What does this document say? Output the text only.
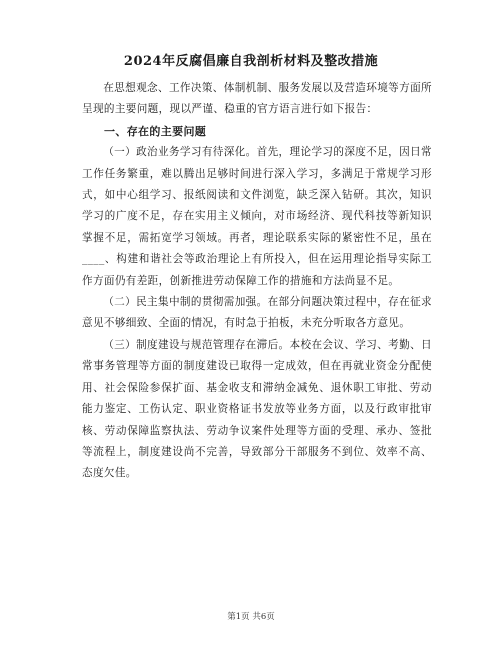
2024年反腐倡廉自我剖析材料及整改措施

在思想观念、工作决策、体制机制、服务发展以及营造环境等方面所呈现的主要问题，现以严谨、稳重的官方语言进行如下报告：

一、存在的主要问题

（一）政治业务学习有待深化。首先，理论学习的深度不足，因日常工作任务繁重，难以腾出足够时间进行深入学习，多满足于常规学习形式，如中心组学习、报纸阅读和文件浏览，缺乏深入钻研。其次，知识学习的广度不足，存在实用主义倾向，对市场经济、现代科技等新知识掌握不足，需拓宽学习领域。再者，理论联系实际的紧密性不足，虽在____、构建和谐社会等政治理论上有所投入，但在运用理论指导实际工作方面仍有差距，创新推进劳动保障工作的措施和方法尚显不足。

（二）民主集中制的贯彻需加强。在部分问题决策过程中，存在征求意见不够细致、全面的情况，有时急于拍板，未充分听取各方意见。

（三）制度建设与规范管理存在滞后。本校在会议、学习、考勤、日常事务管理等方面的制度建设已取得一定成效，但在再就业资金分配使用、社会保险参保扩面、基金收支和滞纳金减免、退休职工审批、劳动能力鉴定、工伤认定、职业资格证书发放等业务方面，以及行政审批审核、劳动保障监察执法、劳动争议案件处理等方面的受理、承办、签批等流程上，制度建设尚不完善，导致部分干部服务不到位、效率不高、态度欠佳。

第1页 共6页
